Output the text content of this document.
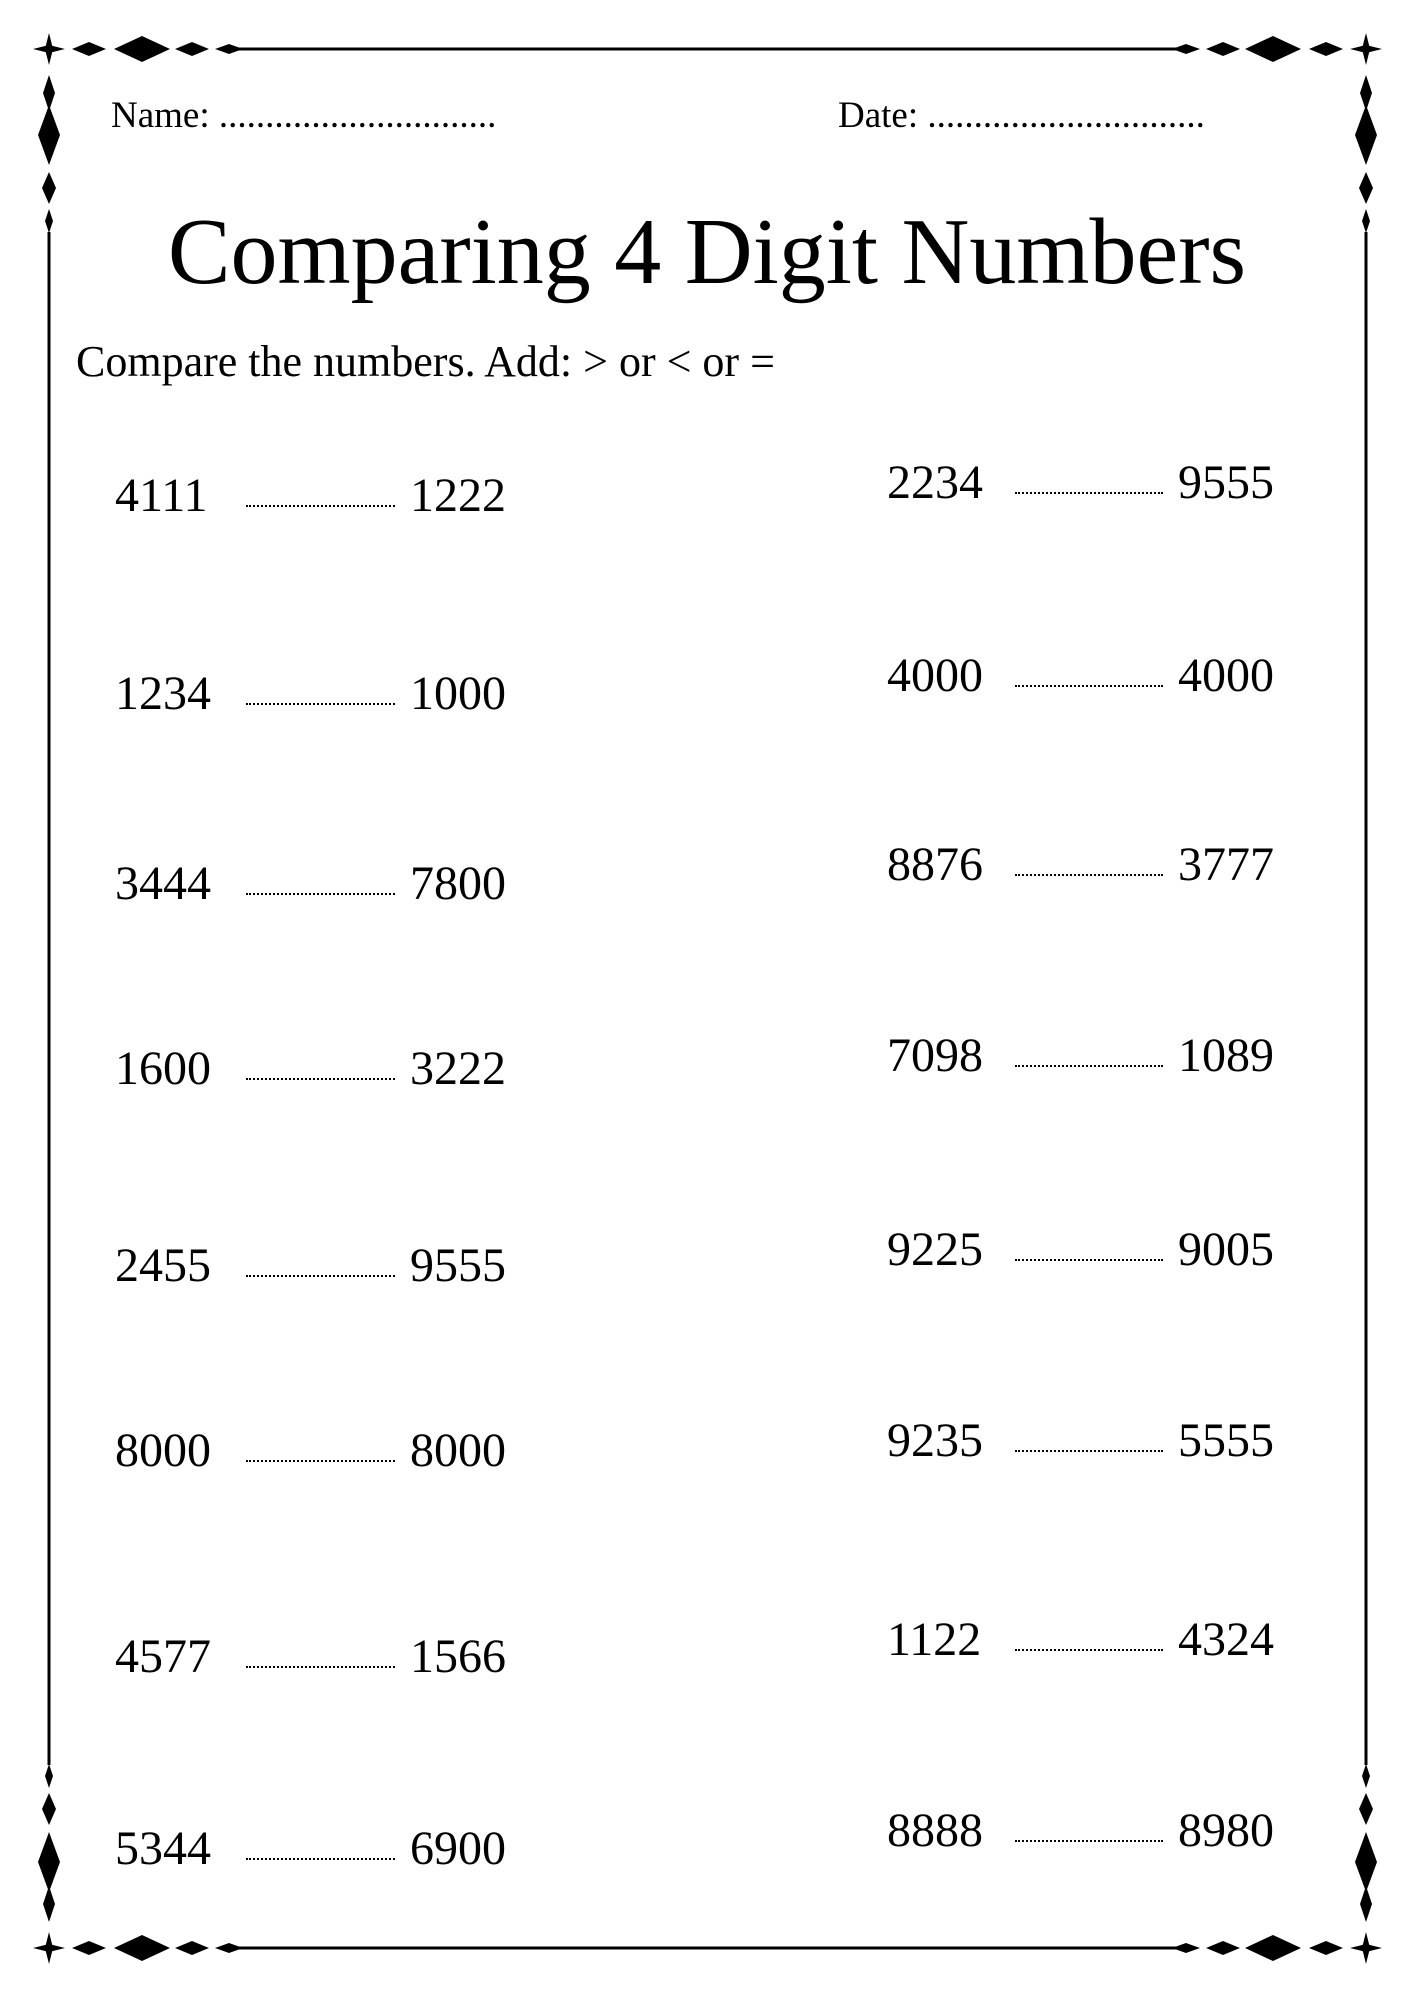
Name: ..............................	Date: ..............................
Comparing 4 Digit Numbers
Compare the numbers. Add: > or < or =
4111	1222
1234	1000
3444	7800
1600	3222
2455	9555
8000	8000
4577	1566
5344	6900
2234	9555
4000	4000
8876	3777
7098	1089
9225	9005
9235	5555
1122	4324
8888	8980
